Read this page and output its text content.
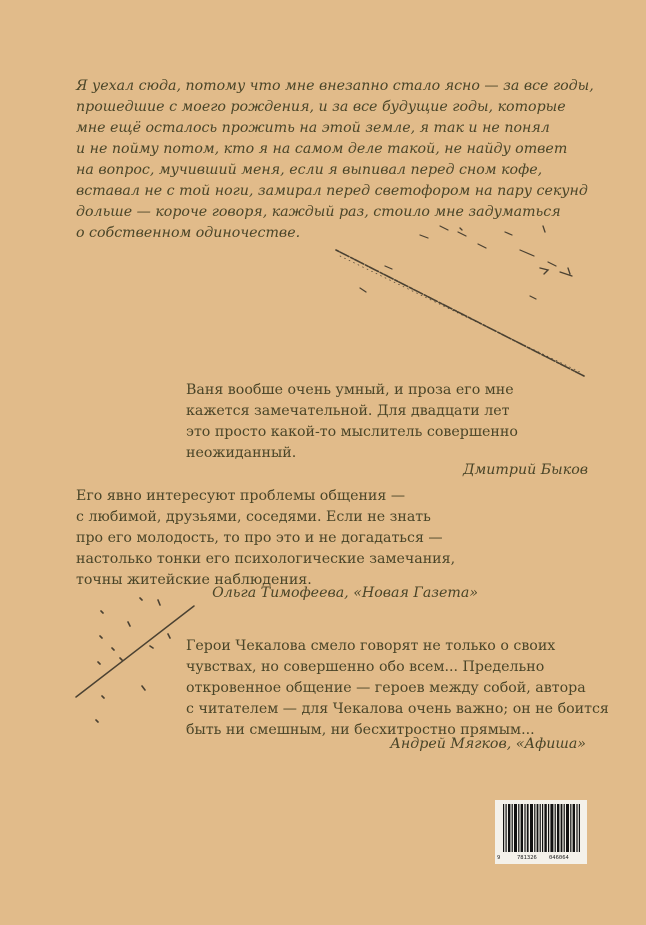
Я уехал сюда, потому что мне внезапно стало ясно — за все годы,
прошедшие с моего рождения, и за все будущие годы, которые
мне ещё осталось прожить на этой земле, я так и не понял
и не пойму потом, кто я на самом деле такой, не найду ответ
на вопрос, мучивший меня, если я выпивал перед сном кофе,
вставал не с той ноги, замирал перед светофором на пару секунд
дольше — короче говоря, каждый раз, стоило мне задуматься
о собственном одиночестве.

Ваня вообше очень умный, и проза его мне
кажется замечательной. Для двадцати лет
это просто какой-то мыслитель совершенно
неожиданный.

Дмитрий Быков

Его явно интересуют проблемы общения —
с любимой, друзьями, соседями. Если не знать
про его молодость, то про это и не догадаться —
настолько тонки его психологические замечания,
точны житейские наблюдения.

Ольга Тимофеева, «Новая Газета»

Герои Чекалова смело говорят не только о своих
чувствах, но совершенно обо всем... Предельно
откровенное общение — героев между собой, автора
с читателем — для Чекалова очень важно; он не боится
быть ни смешным, ни бесхитростно прямым...

Андрей Мягков, «Афиша»
9	781326 046064
